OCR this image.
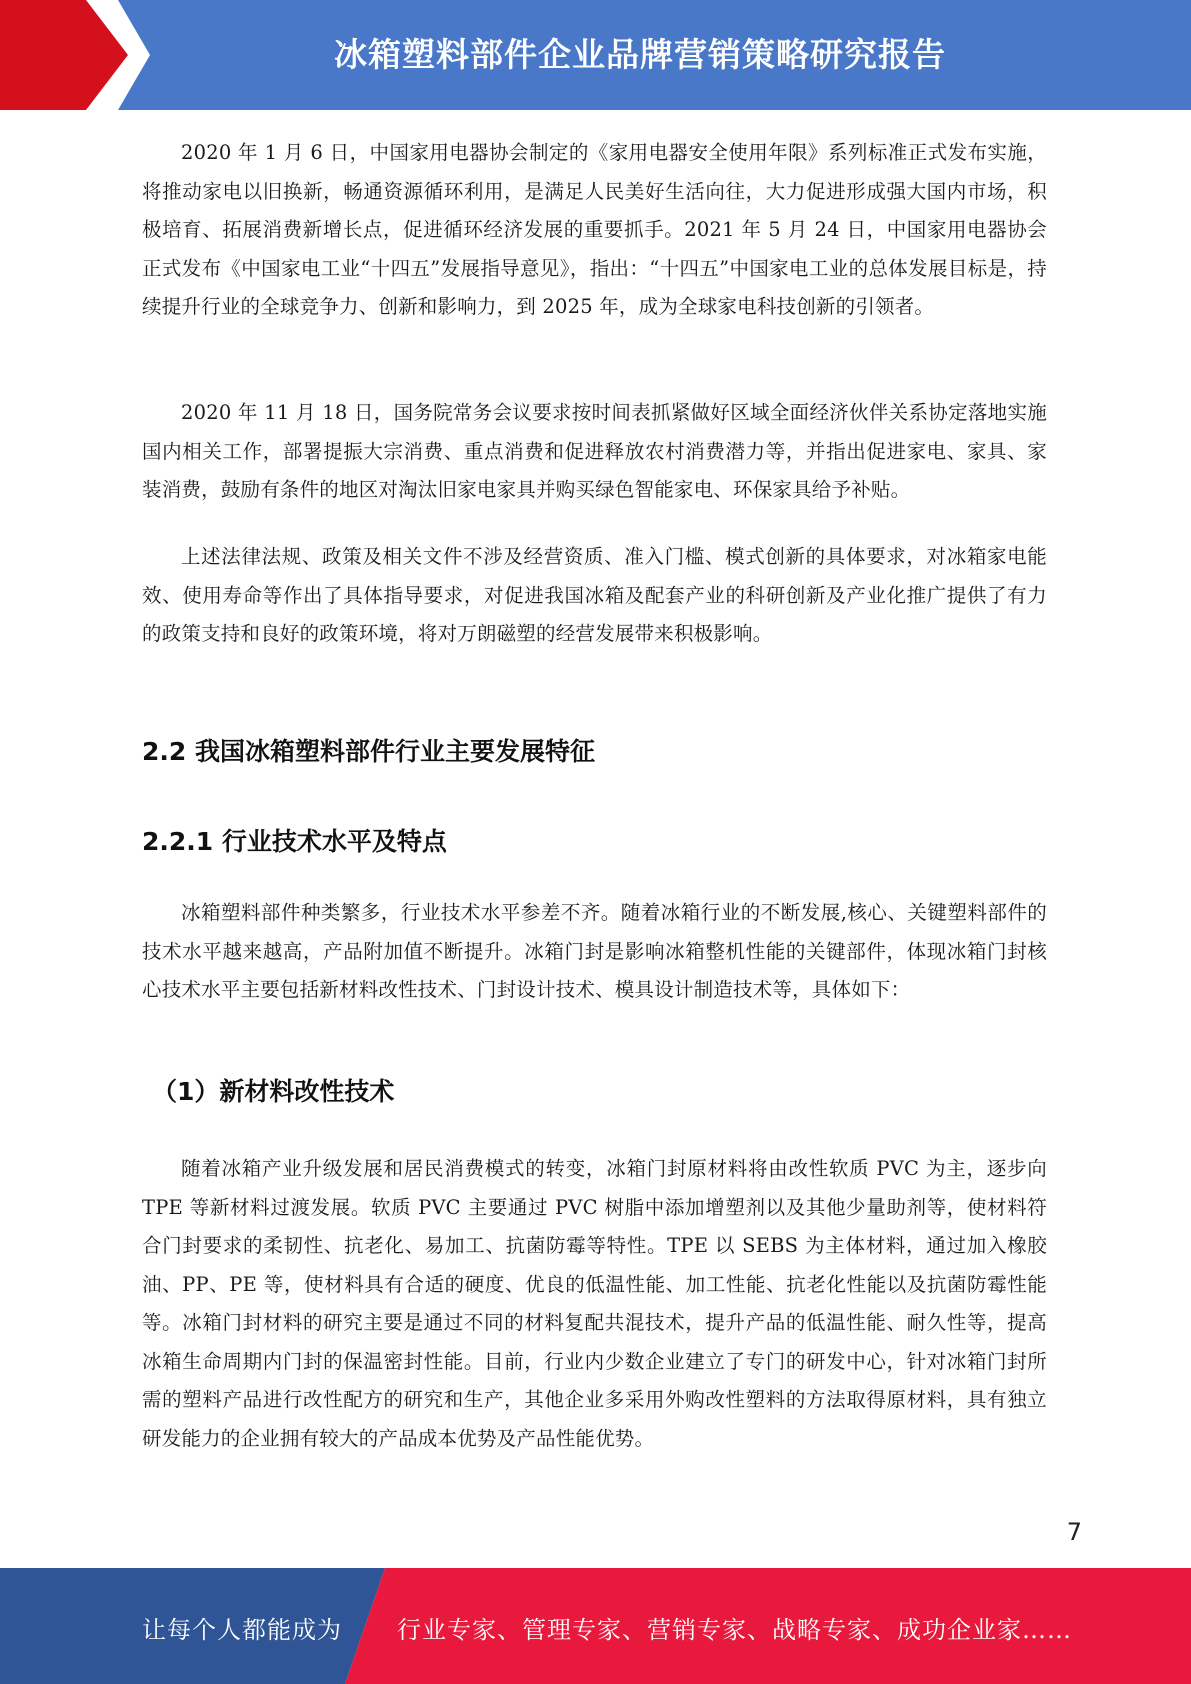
冰箱塑料部件企业品牌营销策略研究报告

2020 年 1 月 6 日，中国家用电器协会制定的《家用电器安全使用年限》系列标准正式发布实施，将推动家电以旧换新，畅通资源循环利用，是满足人民美好生活向往，大力促进形成强大国内市场，积极培育、拓展消费新增长点，促进循环经济发展的重要抓手。2021 年 5 月 24 日，中国家用电器协会正式发布《中国家电工业“十四五”发展指导意见》，指出：“十四五”中国家电工业的总体发展目标是，持续提升行业的全球竞争力、创新和影响力，到 2025 年，成为全球家电科技创新的引领者。

2020 年 11 月 18 日，国务院常务会议要求按时间表抓紧做好区域全面经济伙伴关系协定落地实施国内相关工作，部署提振大宗消费、重点消费和促进释放农村消费潜力等，并指出促进家电、家具、家装消费，鼓励有条件的地区对淘汰旧家电家具并购买绿色智能家电、环保家具给予补贴。

上述法律法规、政策及相关文件不涉及经营资质、准入门槛、模式创新的具体要求，对冰箱家电能效、使用寿命等作出了具体指导要求，对促进我国冰箱及配套产业的科研创新及产业化推广提供了有力的政策支持和良好的政策环境，将对万朗磁塑的经营发展带来积极影响。

2.2 我国冰箱塑料部件行业主要发展特征
2.2.1 行业技术水平及特点

冰箱塑料部件种类繁多，行业技术水平参差不齐。随着冰箱行业的不断发展,核心、关键塑料部件的技术水平越来越高，产品附加值不断提升。冰箱门封是影响冰箱整机性能的关键部件，体现冰箱门封核心技术水平主要包括新材料改性技术、门封设计技术、模具设计制造技术等，具体如下：

（1）新材料改性技术

随着冰箱产业升级发展和居民消费模式的转变，冰箱门封原材料将由改性软质 PVC 为主，逐步向 TPE 等新材料过渡发展。软质 PVC 主要通过 PVC 树脂中添加增塑剂以及其他少量助剂等，使材料符合门封要求的柔韧性、抗老化、易加工、抗菌防霉等特性。TPE 以 SEBS 为主体材料，通过加入橡胶油、PP、PE 等，使材料具有合适的硬度、优良的低温性能、加工性能、抗老化性能以及抗菌防霉性能等。冰箱门封材料的研究主要是通过不同的材料复配共混技术，提升产品的低温性能、耐久性等，提高冰箱生命周期内门封的保温密封性能。目前，行业内少数企业建立了专门的研发中心，针对冰箱门封所需的塑料产品进行改性配方的研究和生产，其他企业多采用外购改性塑料的方法取得原材料，具有独立研发能力的企业拥有较大的产品成本优势及产品性能优势。

7
让每个人都能成为 行业专家、管理专家、营销专家、战略专家、成功企业家……
